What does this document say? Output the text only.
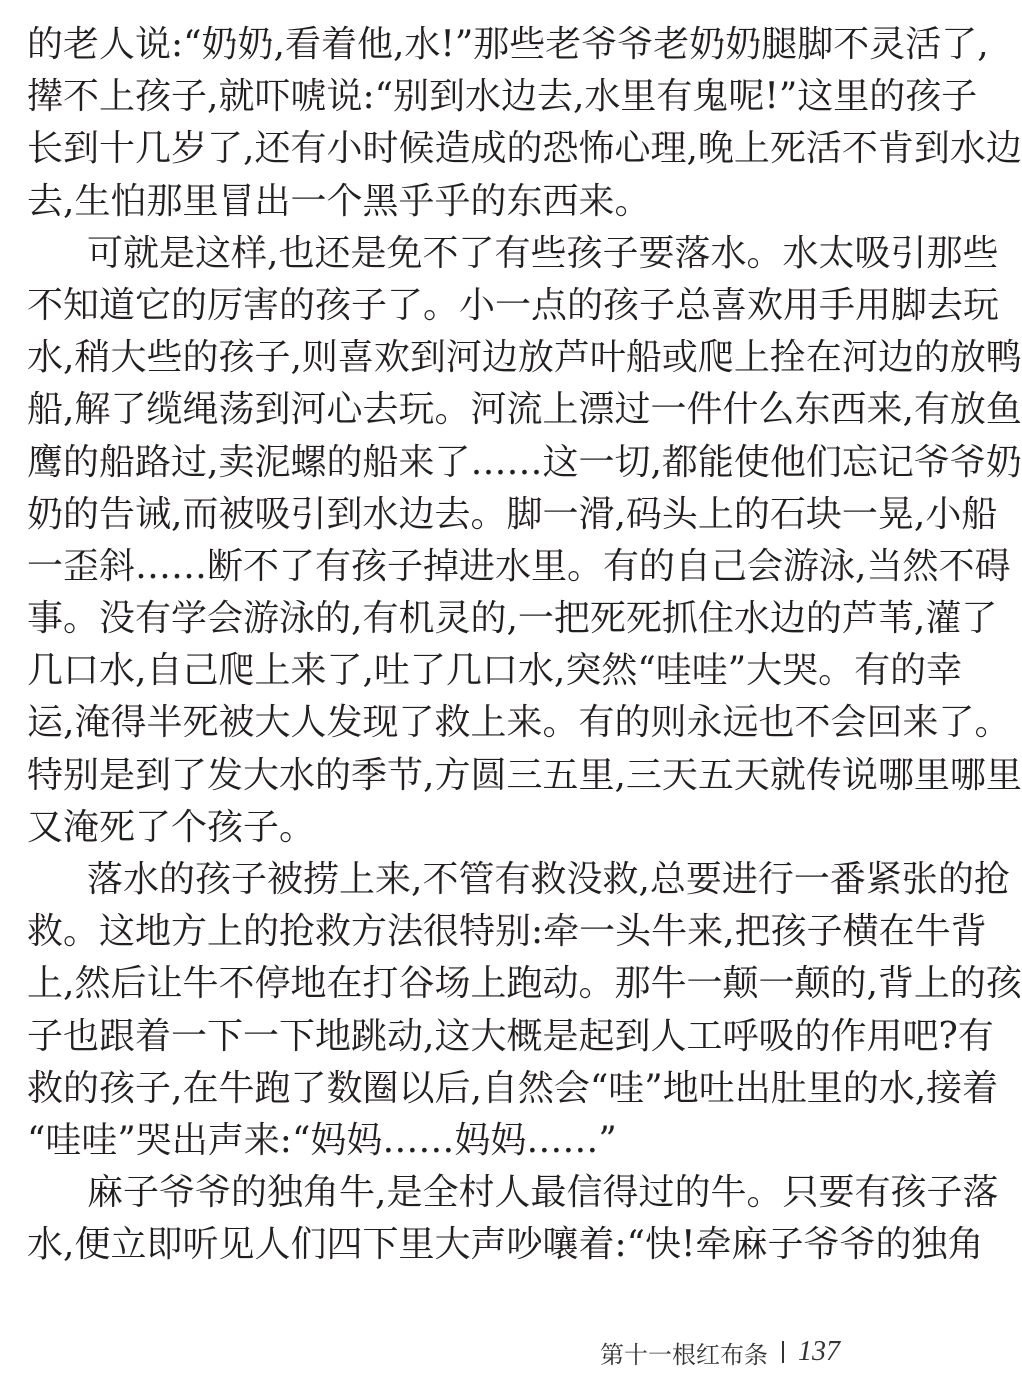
的老人说:“奶奶,看着他,水!”那些老爷爷老奶奶腿脚不灵活了,
撵不上孩子,就吓唬说:“别到水边去,水里有鬼呢!”这里的孩子
长到十几岁了,还有小时候造成的恐怖心理,晚上死活不肯到水边
去,生怕那里冒出一个黑乎乎的东西来。
可就是这样,也还是免不了有些孩子要落水。水太吸引那些
不知道它的厉害的孩子了。小一点的孩子总喜欢用手用脚去玩
水,稍大些的孩子,则喜欢到河边放芦叶船或爬上拴在河边的放鸭
船,解了缆绳荡到河心去玩。河流上漂过一件什么东西来,有放鱼
鹰的船路过,卖泥螺的船来了……这一切,都能使他们忘记爷爷奶
奶的告诫,而被吸引到水边去。脚一滑,码头上的石块一晃,小船
一歪斜……断不了有孩子掉进水里。有的自己会游泳,当然不碍
事。没有学会游泳的,有机灵的,一把死死抓住水边的芦苇,灌了
几口水,自己爬上来了,吐了几口水,突然“哇哇”大哭。有的幸
运,淹得半死被大人发现了救上来。有的则永远也不会回来了。
特别是到了发大水的季节,方圆三五里,三天五天就传说哪里哪里
又淹死了个孩子。
落水的孩子被捞上来,不管有救没救,总要进行一番紧张的抢
救。这地方上的抢救方法很特别:牵一头牛来,把孩子横在牛背
上,然后让牛不停地在打谷场上跑动。那牛一颠一颠的,背上的孩
子也跟着一下一下地跳动,这大概是起到人工呼吸的作用吧?有
救的孩子,在牛跑了数圈以后,自然会“哇”地吐出肚里的水,接着
“哇哇”哭出声来:“妈妈……妈妈……”
麻子爷爷的独角牛,是全村人最信得过的牛。只要有孩子落
水,便立即听见人们四下里大声吵嚷着:“快!牵麻子爷爷的独角
第十一根红布条 137
